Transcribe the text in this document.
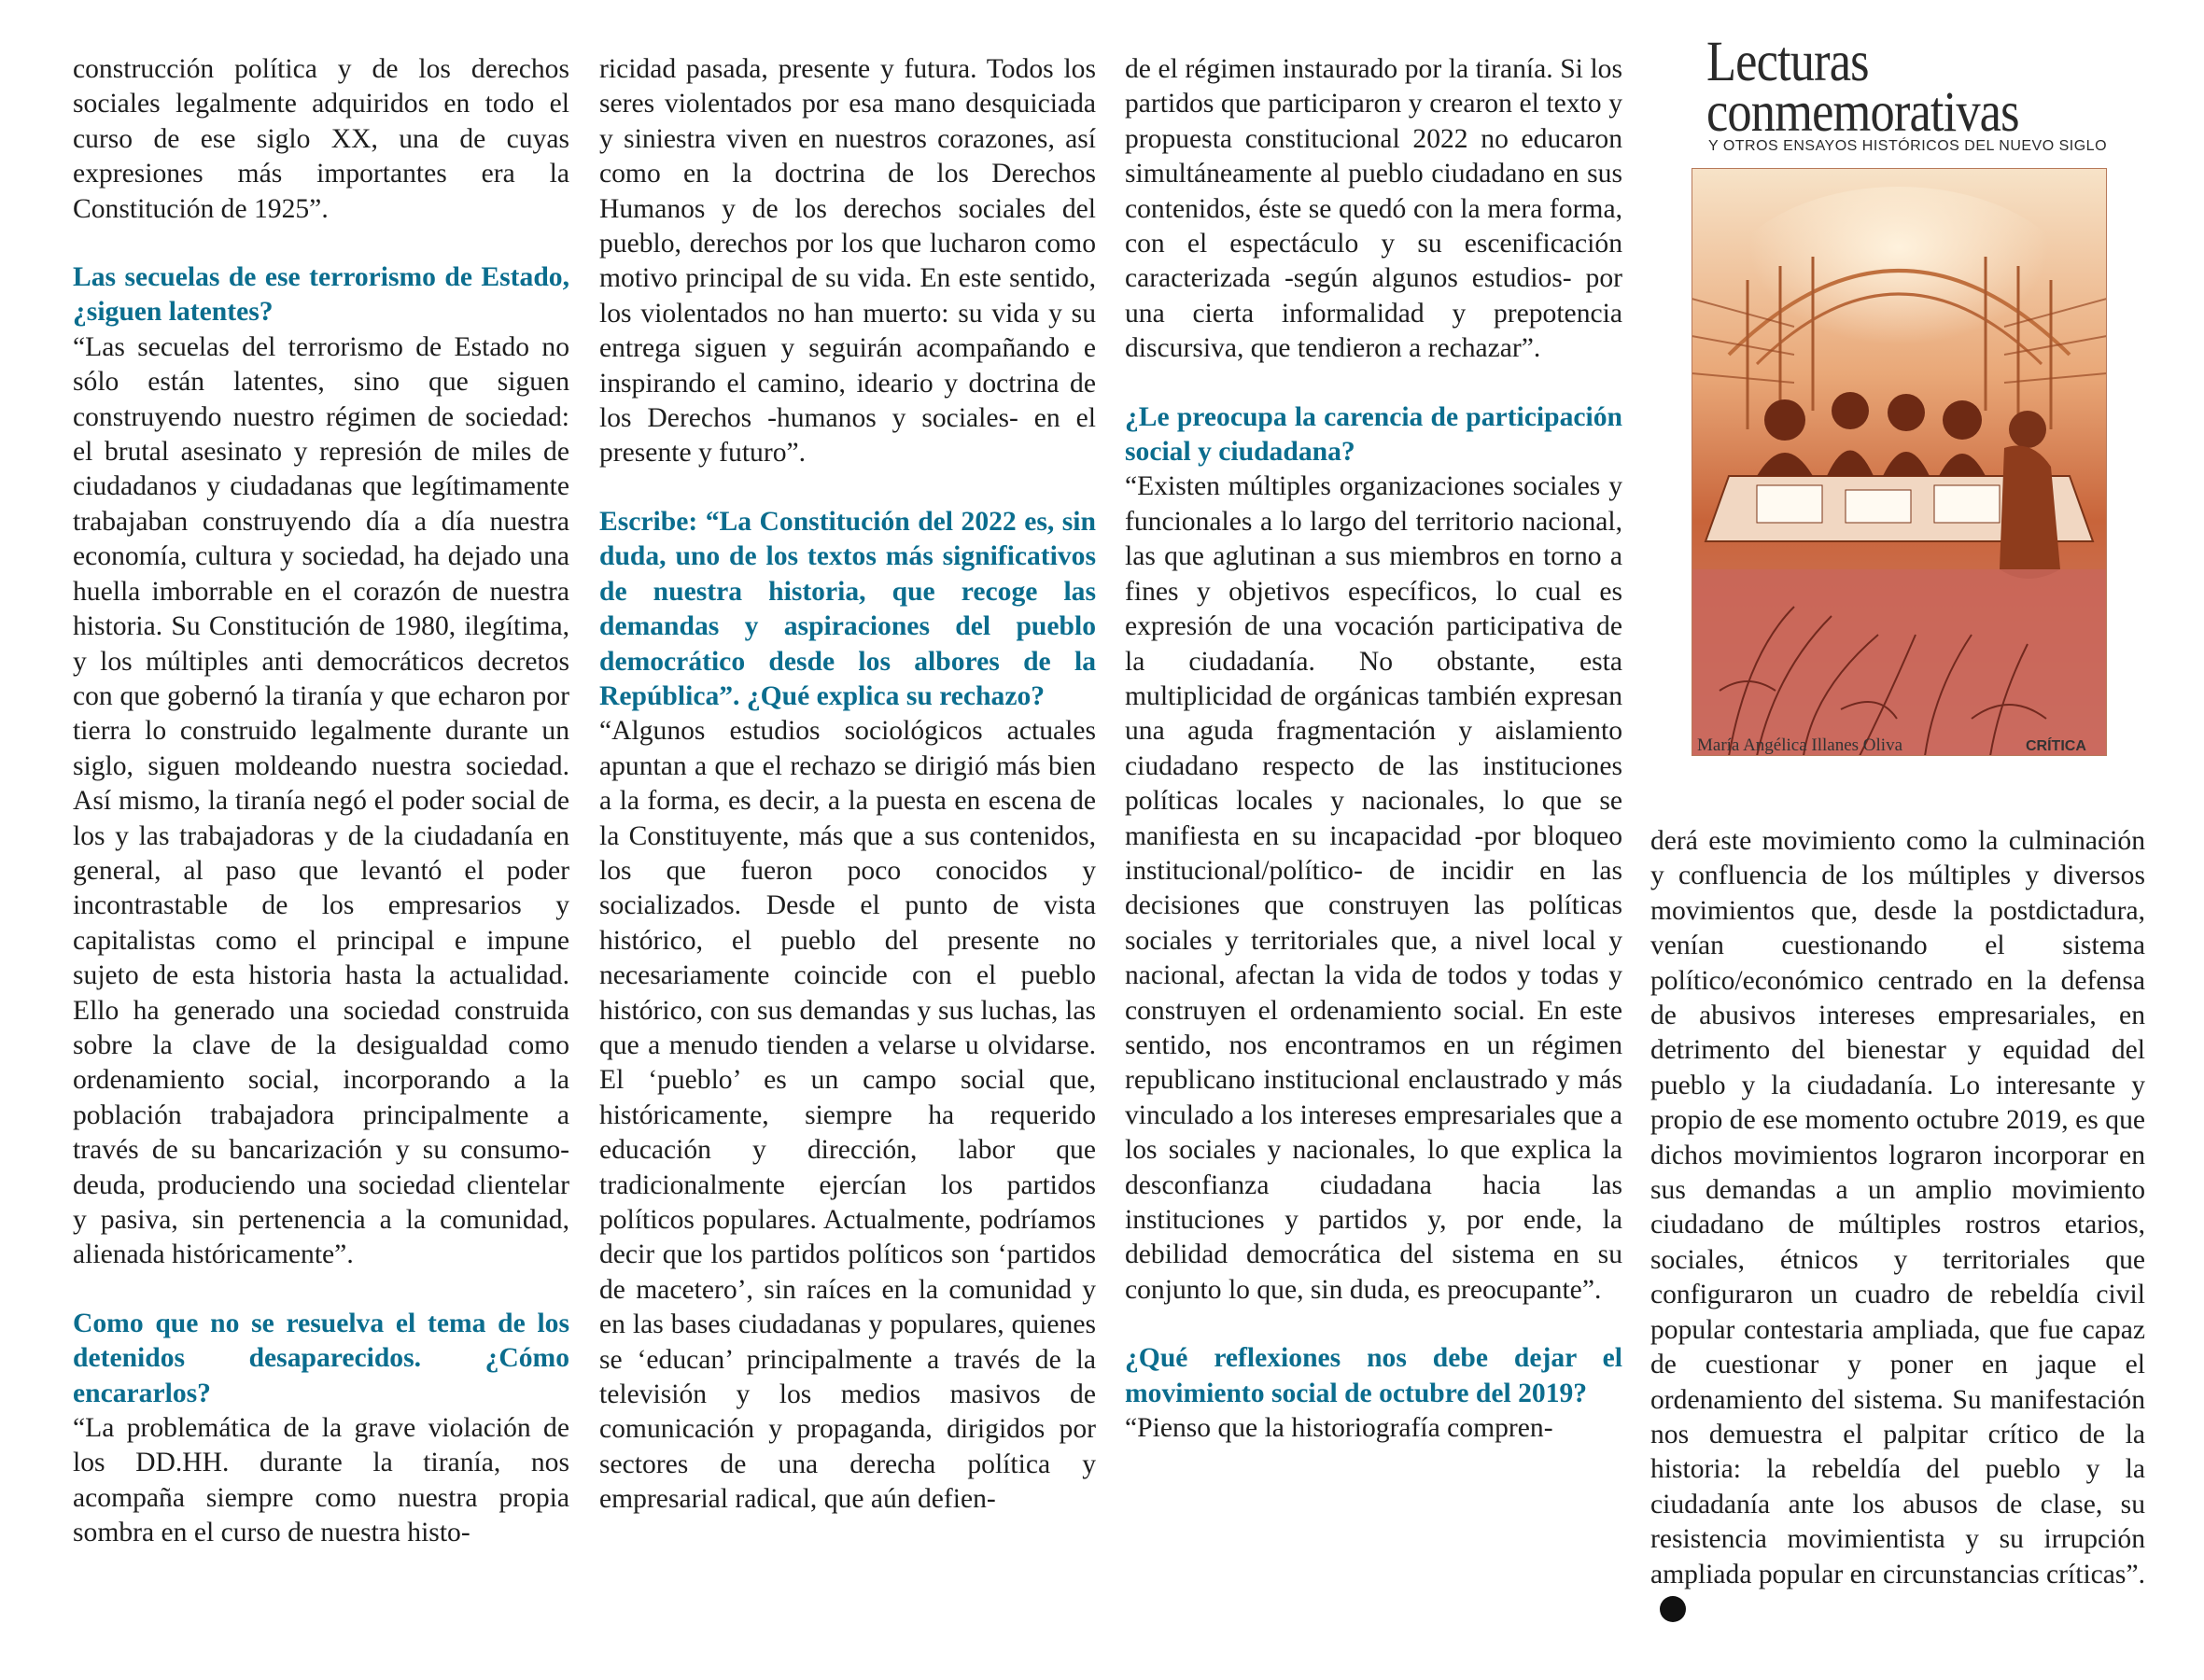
construcción política y de los derechos sociales legalmente adquiridos en todo el curso de ese siglo XX, una de cuyas expresiones más importantes era la Constitución de 1925”.

Las secuelas de ese terrorismo de Estado, ¿siguen latentes?

“Las secuelas del terrorismo de Estado no sólo están latentes, sino que siguen construyendo nuestro régimen de sociedad: el brutal asesinato y represión de miles de ciudadanos y ciudadanas que legítimamente trabajaban construyendo día a día nuestra economía, cultura y sociedad, ha dejado una huella imborrable en el corazón de nuestra historia. Su Constitución de 1980, ilegítima, y los múltiples anti democráticos decretos con que gobernó la tiranía y que echaron por tierra lo construido legalmente durante un siglo, siguen moldeando nuestra sociedad. Así mismo, la tiranía negó el poder social de los y las trabajadoras y de la ciudadanía en general, al paso que levantó el poder incontrastable de los empresarios y capitalistas como el principal e impune sujeto de esta historia hasta la actualidad. Ello ha generado una sociedad construida sobre la clave de la desigualdad como ordenamiento social, incorporando a la población trabajadora principalmente a través de su bancarización y su consumo-deuda, produciendo una sociedad clientelar y pasiva, sin pertenencia a la comunidad, alienada históricamente”.

Como que no se resuelva el tema de los detenidos desaparecidos. ¿Cómo encararlos?

“La problemática de la grave violación de los DD.HH. durante la tiranía, nos acompaña siempre como nuestra propia sombra en el curso de nuestra histo-

ricidad pasada, presente y futura. Todos los seres violentados por esa mano desquiciada y siniestra viven en nuestros corazones, así como en la doctrina de los Derechos Humanos y de los derechos sociales del pueblo, derechos por los que lucharon como motivo principal de su vida. En este sentido, los violentados no han muerto: su vida y su entrega siguen y seguirán acompañando e inspirando el camino, ideario y doctrina de los Derechos -humanos y sociales- en el presente y futuro”.

Escribe: “La Constitución del 2022 es, sin duda, uno de los textos más significativos de nuestra historia, que recoge las demandas y aspiraciones del pueblo democrático desde los albores de la República”. ¿Qué explica su rechazo?

“Algunos estudios sociológicos actuales apuntan a que el rechazo se dirigió más bien a la forma, es decir, a la puesta en escena de la Constituyente, más que a sus contenidos, los que fueron poco conocidos y socializados. Desde el punto de vista histórico, el pueblo del presente no necesariamente coincide con el pueblo histórico, con sus demandas y sus luchas, las que a menudo tienden a velarse u olvidarse. El ‘pueblo’ es un campo social que, históricamente, siempre ha requerido educación y dirección, labor que tradicionalmente ejercían los partidos políticos populares. Actualmente, podríamos decir que los partidos políticos son ‘partidos de macetero’, sin raíces en la comunidad y en las bases ciudadanas y populares, quienes se ‘educan’ principalmente a través de la televisión y los medios masivos de comunicación y propaganda, dirigidos por sectores de una derecha política y empresarial radical, que aún defien-

de el régimen instaurado por la tiranía. Si los partidos que participaron y crearon el texto y propuesta constitucional 2022 no educaron simultáneamente al pueblo ciudadano en sus contenidos, éste se quedó con la mera forma, con el espectáculo y su escenificación caracterizada -según algunos estudios- por una cierta informalidad y prepotencia discursiva, que tendieron a rechazar”.

¿Le preocupa la carencia de participación social y ciudadana?

“Existen múltiples organizaciones sociales y funcionales a lo largo del territorio nacional, las que aglutinan a sus miembros en torno a fines y objetivos específicos, lo cual es expresión de una vocación participativa de la ciudadanía. No obstante, esta multiplicidad de orgánicas también expresan una aguda fragmentación y aislamiento ciudadano respecto de las instituciones políticas locales y nacionales, lo que se manifiesta en su incapacidad -por bloqueo institucional/político- de incidir en las decisiones que construyen las políticas sociales y territoriales que, a nivel local y nacional, afectan la vida de todos y todas y construyen el ordenamiento social. En este sentido, nos encontramos en un régimen republicano institucional enclaustrado y más vinculado a los intereses empresariales que a los sociales y nacionales, lo que explica la desconfianza ciudadana hacia las instituciones y partidos y, por ende, la debilidad democrática del sistema en su conjunto lo que, sin duda, es preocupante”.

¿Qué reflexiones nos debe dejar el movimiento social de octubre del 2019?

“Pienso que la historiografía compren-

Lecturas
conmemorativas
Y OTROS ENSAYOS HISTÓRICOS DEL NUEVO SIGLO
María Angélica Illanes Oliva	CRÍTICA

derá este movimiento como la culminación y confluencia de los múltiples y diversos movimientos que, desde la postdictadura, venían cuestionando el sistema político/económico centrado en la defensa de abusivos intereses empresariales, en detrimento del bienestar y equidad del pueblo y la ciudadanía. Lo interesante y propio de ese momento octubre 2019, es que dichos movimientos lograron incorporar en sus demandas a un amplio movimiento ciudadano de múltiples rostros etarios, sociales, étnicos y territoriales que configuraron un cuadro de rebeldía civil popular contestaria ampliada, que fue capaz de cuestionar y poner en jaque el ordenamiento del sistema. Su manifestación nos demuestra el palpitar crítico de la historia: la rebeldía del pueblo y la ciudadanía ante los abusos de clase, su resistencia movimientista y su irrupción ampliada popular en circunstancias críticas”.
